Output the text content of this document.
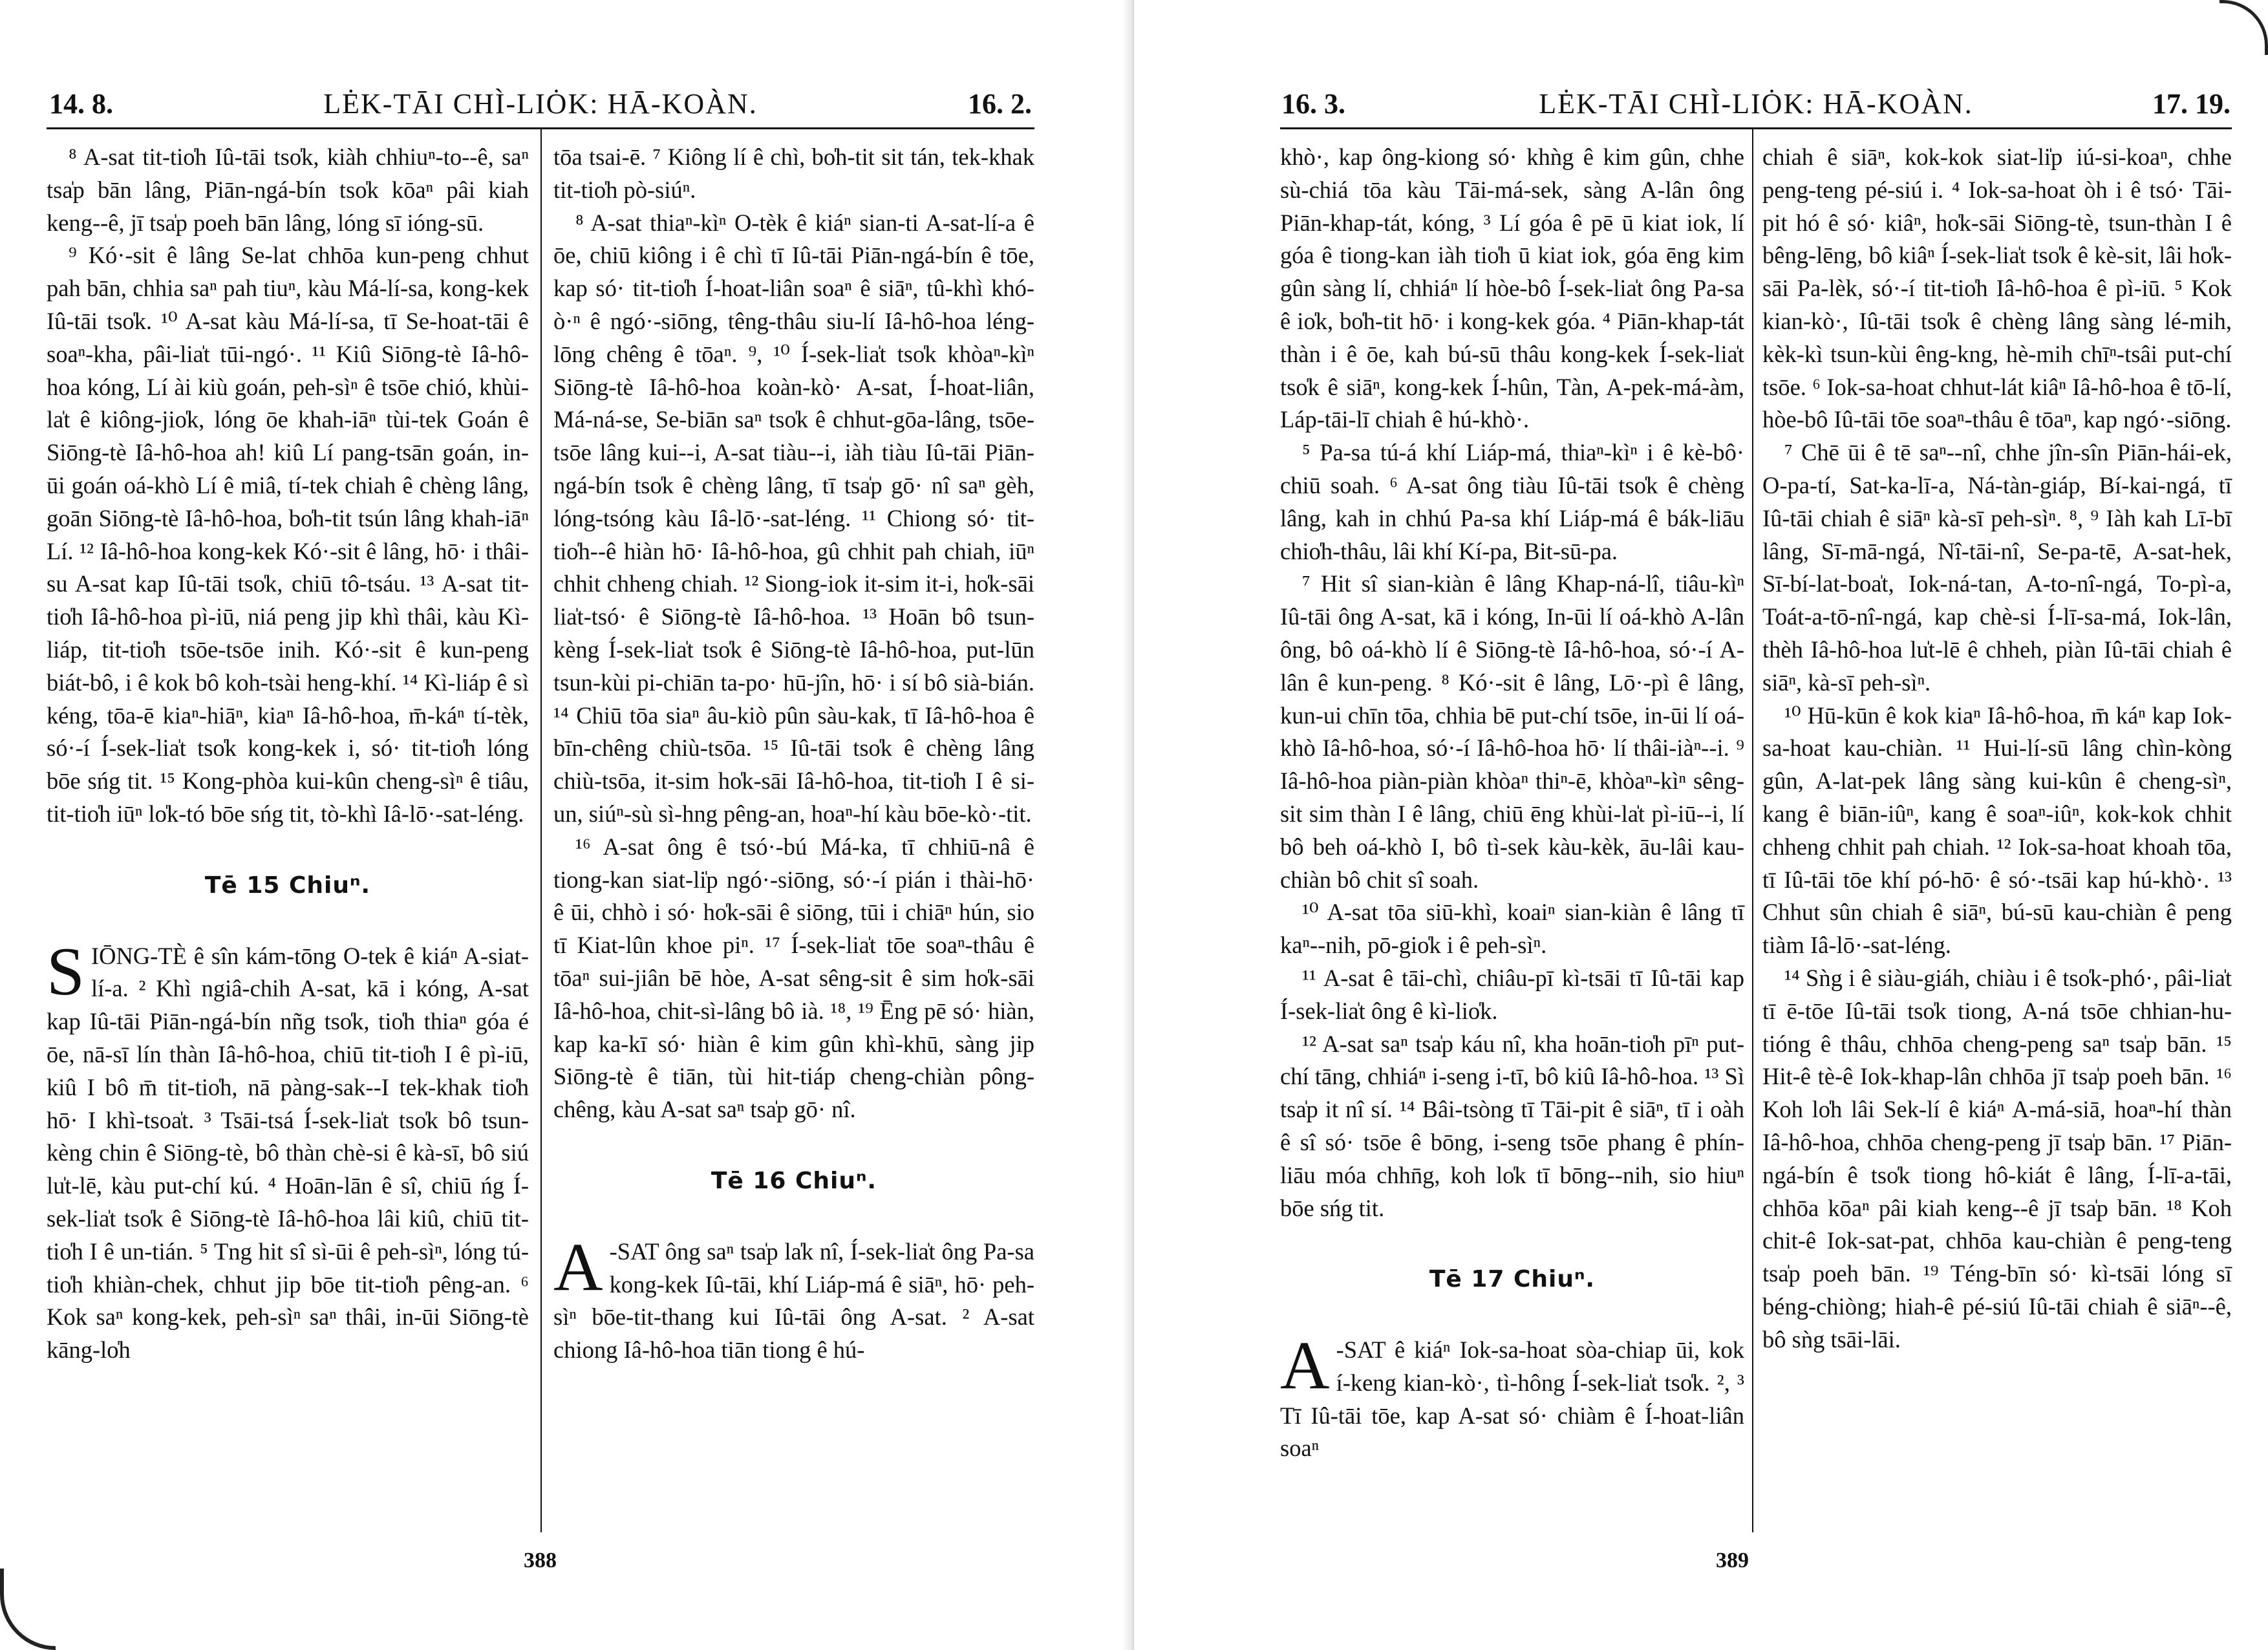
14. 8.	LĖK-TĀI CHÌ-LIȮK: HĀ-KOÀN.	16. 2.

⁸ A-sat tit-tio̍h Iû-tāi tso̍k, kiàh chhiuⁿ-to--ê, saⁿ tsa̍p bān lâng, Piān-ngá-bín tso̍k kōaⁿ pâi kiah keng--ê, jī tsa̍p poeh bān lâng, lóng sī ióng-sū.

⁹ Kó·-sit ê lâng Se-lat chhōa kun-peng chhut pah bān, chhia saⁿ pah tiuⁿ, kàu Má-lí-sa, kong-kek Iû-tāi tso̍k. ¹⁰ A-sat kàu Má-lí-sa, tī Se-hoat-tāi ê soaⁿ-kha, pâi-lia̍t tūi-ngó·. ¹¹ Kiû Siōng-tè Iâ-hô-hoa kóng, Lí ài kiù goán, peh-sìⁿ ê tsōe chió, khùi-la̍t ê kiông-jio̍k, lóng ōe khah-iāⁿ tùi-tek Goán ê Siōng-tè Iâ-hô-hoa ah! kiû Lí pang-tsān goán, in-ūi goán oá-khò Lí ê miâ, tí-tek chiah ê chèng lâng, goān Siōng-tè Iâ-hô-hoa, bo̍h-tit tsún lâng khah-iāⁿ Lí. ¹² Iâ-hô-hoa kong-kek Kó·-sit ê lâng, hō· i thâi-su A-sat kap Iû-tāi tso̍k, chiū tô-tsáu. ¹³ A-sat tit-tio̍h Iâ-hô-hoa pì-iū, niá peng jip khì thâi, kàu Kì-liáp, tit-tio̍h tsōe-tsōe inih. Kó·-sit ê kun-peng biát-bô, i ê kok bô koh-tsài heng-khí. ¹⁴ Kì-liáp ê sì kéng, tōa-ē kiaⁿ-hiāⁿ, kiaⁿ Iâ-hô-hoa, m̄-káⁿ tí-tèk, só·-í Í-sek-lia̍t tso̍k kong-kek i, só· tit-tio̍h lóng bōe sńg tit. ¹⁵ Kong-phòa kui-kûn cheng-sìⁿ ê tiâu, tit-tio̍h iūⁿ lo̍k-tó bōe sńg tit, tò-khì Iâ-lō·-sat-léng.

Tē 15 Chiuⁿ.

SIŌNG-TÈ ê sîn kám-tōng O-tek ê kiáⁿ A-siat-lí-a. ² Khì ngiâ-chih A-sat, kā i kóng, A-sat kap Iû-tāi Piān-ngá-bín nñg tso̍k, tio̍h thiaⁿ góa é ōe, nā-sī lín thàn Iâ-hô-hoa, chiū tit-tio̍h I ê pì-iū, kiû I bô m̄ tit-tio̍h, nā pàng-sak--I tek-khak tio̍h hō· I khì-tsoa̍t. ³ Tsāi-tsá Í-sek-lia̍t tso̍k bô tsun-kèng chin ê Siōng-tè, bô thàn chè-si ê kà-sī, bô siú lu̍t-lē, kàu put-chí kú. ⁴ Hoān-lān ê sî, chiū ńg Í-sek-lia̍t tso̍k ê Siōng-tè Iâ-hô-hoa lâi kiû, chiū tit-tio̍h I ê un-tián. ⁵ Tng hit sî sì-ūi ê peh-sìⁿ, lóng tú-tio̍h khiàn-chek, chhut jip bōe tit-tio̍h pêng-an. ⁶ Kok saⁿ kong-kek, peh-sìⁿ saⁿ thâi, in-ūi Siōng-tè kāng-lo̍h

tōa tsai-ē. ⁷ Kiông lí ê chì, bo̍h-tit sit tán, tek-khak tit-tio̍h pò-siúⁿ.

⁸ A-sat thiaⁿ-kìⁿ O-tèk ê kiáⁿ sian-ti A-sat-lí-a ê ōe, chiū kiông i ê chì tī Iû-tāi Piān-ngá-bín ê tōe, kap só· tit-tio̍h Í-hoat-liân soaⁿ ê siāⁿ, tû-khì khó-ò·ⁿ ê ngó·-siōng, têng-thâu siu-lí Iâ-hô-hoa léng-lōng chêng ê tōaⁿ. ⁹, ¹⁰ Í-sek-lia̍t tso̍k khòaⁿ-kìⁿ Siōng-tè Iâ-hô-hoa koàn-kò· A-sat, Í-hoat-liân, Má-ná-se, Se-biān saⁿ tso̍k ê chhut-gōa-lâng, tsōe-tsōe lâng kui--i, A-sat tiàu--i, iàh tiàu Iû-tāi Piān-ngá-bín tso̍k ê chèng lâng, tī tsa̍p gō· nî saⁿ gèh, lóng-tsóng kàu Iâ-lō·-sat-léng. ¹¹ Chiong só· tit-tio̍h--ê hiàn hō· Iâ-hô-hoa, gû chhit pah chiah, iūⁿ chhit chheng chiah. ¹² Siong-iok it-sim it-i, ho̍k-sāi lia̍t-tsó· ê Siōng-tè Iâ-hô-hoa. ¹³ Hoān bô tsun-kèng Í-sek-lia̍t tso̍k ê Siōng-tè Iâ-hô-hoa, put-lūn tsun-kùi pi-chiān ta-po· hū-jîn, hō· i sí bô sià-bián. ¹⁴ Chiū tōa siaⁿ âu-kiò pûn sàu-kak, tī Iâ-hô-hoa ê bīn-chêng chiù-tsōa. ¹⁵ Iû-tāi tso̍k ê chèng lâng chiù-tsōa, it-sim ho̍k-sāi Iâ-hô-hoa, tit-tio̍h I ê si-un, siúⁿ-sù sì-hng pêng-an, hoaⁿ-hí kàu bōe-kò·-tit.

¹⁶ A-sat ông ê tsó·-bú Má-ka, tī chhiū-nâ ê tiong-kan siat-li̍p ngó·-siōng, só·-í pián i thài-hō· ê ūi, chhò i só· ho̍k-sāi ê siōng, tūi i chiāⁿ hún, sio tī Kiat-lûn khoe piⁿ. ¹⁷ Í-sek-lia̍t tōe soaⁿ-thâu ê tōaⁿ sui-jiân bē hòe, A-sat sêng-sit ê sim ho̍k-sāi Iâ-hô-hoa, chit-sì-lâng bô ià. ¹⁸, ¹⁹ Ēng pē só· hiàn, kap ka-kī só· hiàn ê kim gûn khì-khū, sàng jip Siōng-tè ê tiān, tùi hit-tiáp cheng-chiàn pông-chêng, kàu A-sat saⁿ tsa̍p gō· nî.

Tē 16 Chiuⁿ.

A -SAT ông saⁿ tsa̍p la̍k nî, Í-sek-lia̍t ông Pa-sa kong-kek Iû-tāi, khí Liáp-má ê siāⁿ, hō· peh-sìⁿ bōe-tit-thang kui Iû-tāi ông A-sat. ² A-sat chiong Iâ-hô-hoa tiān tiong ê hú-

388
16. 3.	LĖK-TĀI CHÌ-LIȮK: HĀ-KOÀN.	17. 19.

khò·, kap ông-kiong só· khǹg ê kim gûn, chhe sù-chiá tōa kàu Tāi-má-sek, sàng A-lân ông Piān-khap-tát, kóng, ³ Lí góa ê pē ū kiat iok, lí góa ê tiong-kan iàh tio̍h ū kiat iok, góa ēng kim gûn sàng lí, chhiáⁿ lí hòe-bô Í-sek-lia̍t ông Pa-sa ê io̍k, bo̍h-tit hō· i kong-kek góa. ⁴ Piān-khap-tát thàn i ê ōe, kah bú-sū thâu kong-kek Í-sek-lia̍t tso̍k ê siāⁿ, kong-kek Í-hûn, Tàn, A-pek-má-àm, Láp-tāi-lī chiah ê hú-khò·.

⁵ Pa-sa tú-á khí Liáp-má, thiaⁿ-kìⁿ i ê kè-bô· chiū soah. ⁶ A-sat ông tiàu Iû-tāi tso̍k ê chèng lâng, kah in chhú Pa-sa khí Liáp-má ê bák-liāu chio̍h-thâu, lâi khí Kí-pa, Bit-sū-pa.

⁷ Hit sî sian-kiàn ê lâng Khap-ná-lî, tiâu-kìⁿ Iû-tāi ông A-sat, kā i kóng, In-ūi lí oá-khò A-lân ông, bô oá-khò lí ê Siōng-tè Iâ-hô-hoa, só·-í A-lân ê kun-peng. ⁸ Kó·-sit ê lâng, Lō·-pì ê lâng, kun-ui chīn tōa, chhia bē put-chí tsōe, in-ūi lí oá-khò Iâ-hô-hoa, só·-í Iâ-hô-hoa hō· lí thâi-iàⁿ--i. ⁹ Iâ-hô-hoa piàn-piàn khòaⁿ thiⁿ-ē, khòaⁿ-kìⁿ sêng-sit sim thàn I ê lâng, chiū ēng khùi-la̍t pì-iū--i, lí bô beh oá-khò I, bô tì-sek kàu-kèk, āu-lâi kau-chiàn bô chit sî soah.

¹⁰ A-sat tōa siū-khì, koaiⁿ sian-kiàn ê lâng tī kaⁿ--nih, pō-gio̍k i ê peh-sìⁿ.

¹¹ A-sat ê tāi-chì, chiâu-pī kì-tsāi tī Iû-tāi kap Í-sek-lia̍t ông ê kì-lio̍k.

¹² A-sat saⁿ tsa̍p káu nî, kha hoān-tio̍h pīⁿ put-chí tāng, chhiáⁿ i-seng i-tī, bô kiû Iâ-hô-hoa. ¹³ Sì tsa̍p it nî sí. ¹⁴ Bâi-tsòng tī Tāi-pit ê siāⁿ, tī i oàh ê sî só· tsōe ê bōng, i-seng tsōe phang ê phín-liāu móa chhn̄g, koh lo̍k tī bōng--nih, sio hiuⁿ bōe sńg tit.

Tē 17 Chiuⁿ.

A -SAT ê kiáⁿ Iok-sa-hoat sòa-chiap ūi, kok í-keng kian-kò·, tì-hông Í-sek-lia̍t tso̍k. ², ³ Tī Iû-tāi tōe, kap A-sat só· chiàm ê Í-hoat-liân soaⁿ

chiah ê siāⁿ, kok-kok siat-li̍p iú-si-koaⁿ, chhe peng-teng pé-siú i. ⁴ Iok-sa-hoat òh i ê tsó· Tāi-pit hó ê só· kiâⁿ, ho̍k-sāi Siōng-tè, tsun-thàn I ê bêng-lēng, bô kiâⁿ Í-sek-lia̍t tso̍k ê kè-sit, lâi ho̍k-sāi Pa-lèk, só·-í tit-tio̍h Iâ-hô-hoa ê pì-iū. ⁵ Kok kian-kò·, Iû-tāi tso̍k ê chèng lâng sàng lé-mih, kèk-kì tsun-kùi êng-kng, hè-mih chīⁿ-tsâi put-chí tsōe. ⁶ Iok-sa-hoat chhut-lát kiâⁿ Iâ-hô-hoa ê tō-lí, hòe-bô Iû-tāi tōe soaⁿ-thâu ê tōaⁿ, kap ngó·-siōng.

⁷ Chē ūi ê tē saⁿ--nî, chhe jîn-sîn Piān-hái-ek, O-pa-tí, Sat-ka-lī-a, Ná-tàn-giáp, Bí-kai-ngá, tī Iû-tāi chiah ê siāⁿ kà-sī peh-sìⁿ. ⁸, ⁹ Iàh kah Lī-bī lâng, Sī-mā-ngá, Nî-tāi-nî, Se-pa-tē, A-sat-hek, Sī-bí-lat-boa̍t, Iok-ná-tan, A-to-nî-ngá, To-pì-a, Toát-a-tō-nî-ngá, kap chè-si Í-lī-sa-má, Iok-lân, thèh Iâ-hô-hoa lu̍t-lē ê chheh, piàn Iû-tāi chiah ê siāⁿ, kà-sī peh-sìⁿ.

¹⁰ Hū-kūn ê kok kiaⁿ Iâ-hô-hoa, m̄ káⁿ kap Iok-sa-hoat kau-chiàn. ¹¹ Hui-lí-sū lâng chìn-kòng gûn, A-lat-pek lâng sàng kui-kûn ê cheng-sìⁿ, kang ê biān-iûⁿ, kang ê soaⁿ-iûⁿ, kok-kok chhit chheng chhit pah chiah. ¹² Iok-sa-hoat khoah tōa, tī Iû-tāi tōe khí pó-hō· ê só·-tsāi kap hú-khò·. ¹³ Chhut sûn chiah ê siāⁿ, bú-sū kau-chiàn ê peng tiàm Iâ-lō·-sat-léng.

¹⁴ Sǹg i ê siàu-giáh, chiàu i ê tso̍k-phó·, pâi-lia̍t tī ē-tōe Iû-tāi tso̍k tiong, A-ná tsōe chhian-hu-tióng ê thâu, chhōa cheng-peng saⁿ tsa̍p bān. ¹⁵ Hit-ê tè-ê Iok-khap-lân chhōa jī tsa̍p poeh bān. ¹⁶ Koh lo̍h lâi Sek-lí ê kiáⁿ A-má-siā, hoaⁿ-hí thàn Iâ-hô-hoa, chhōa cheng-peng jī tsa̍p bān. ¹⁷ Piān-ngá-bín ê tso̍k tiong hô-kiát ê lâng, Í-lī-a-tāi, chhōa kōaⁿ pâi kiah keng--ê jī tsa̍p bān. ¹⁸ Koh chit-ê Iok-sat-pat, chhōa kau-chiàn ê peng-teng tsa̍p poeh bān. ¹⁹ Téng-bīn só· kì-tsāi lóng sī béng-chiòng; hiah-ê pé-siú Iû-tāi chiah ê siāⁿ--ê, bô sǹg tsāi-lāi.

389
